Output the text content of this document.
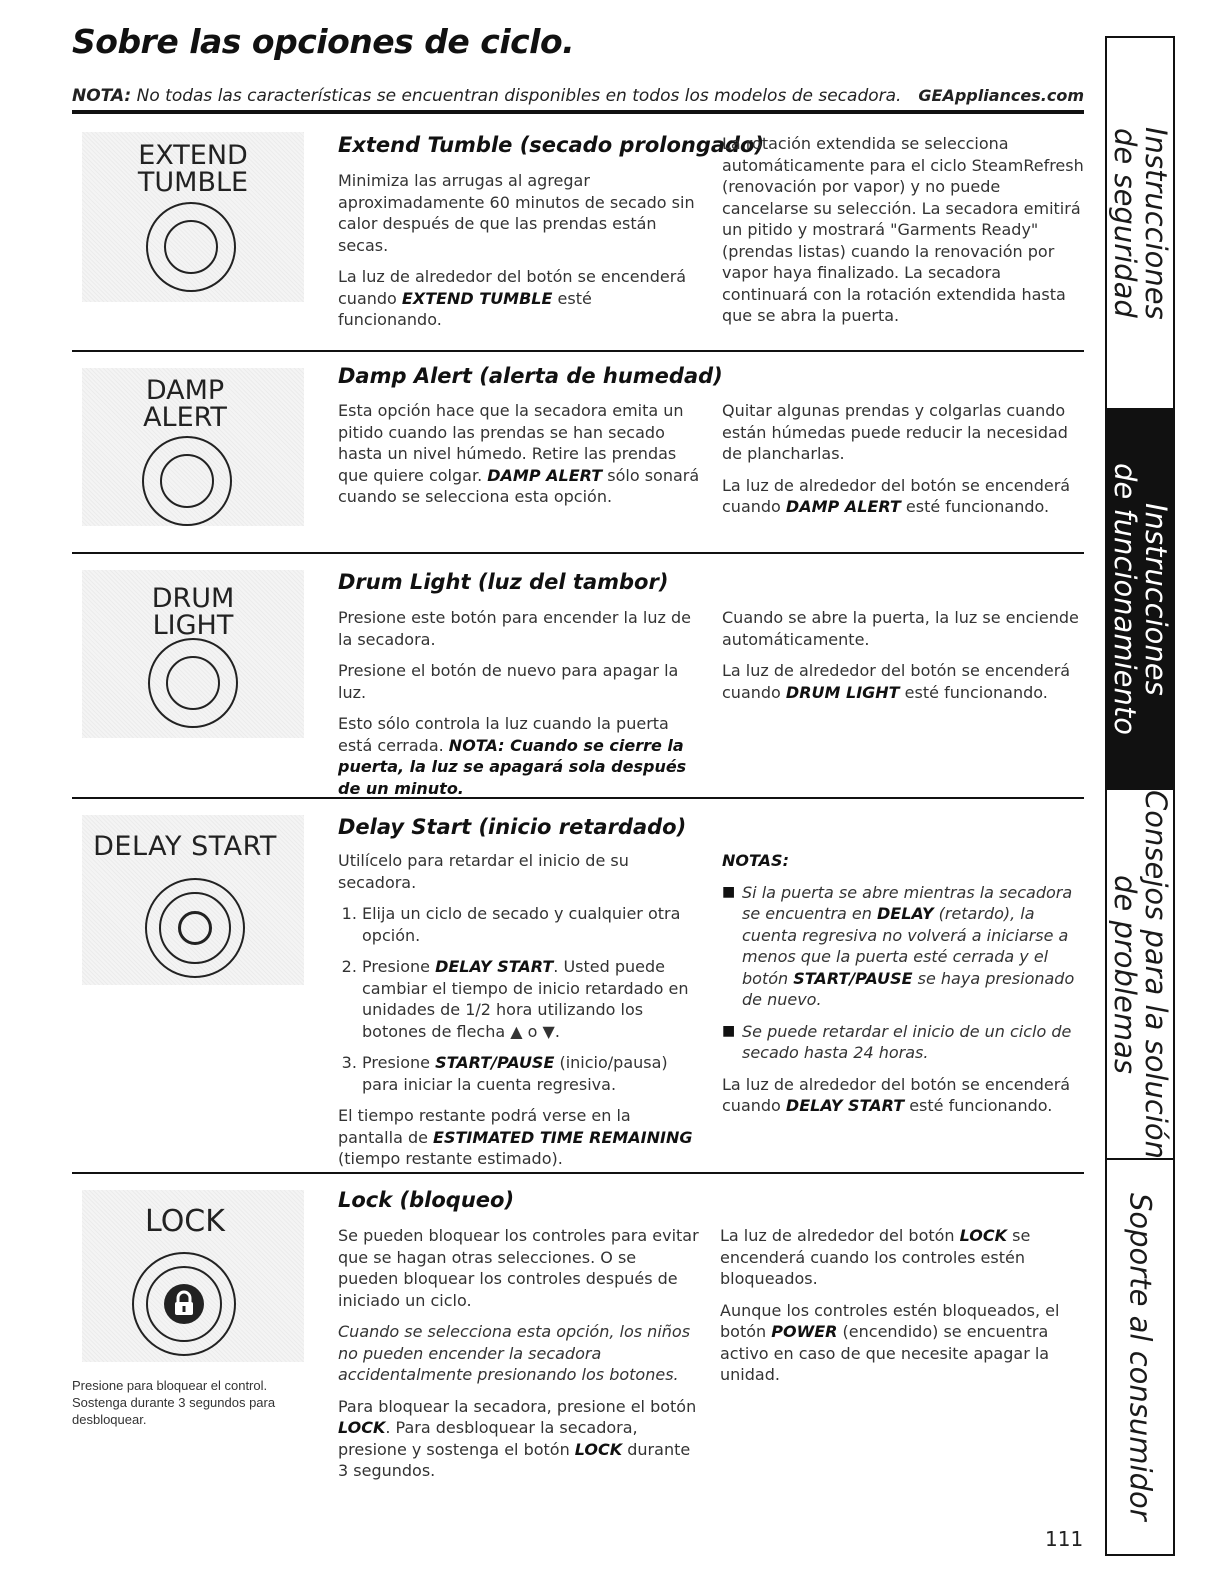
Sobre las opciones de ciclo.
NOTA: No todas las características se encuentran disponibles en todos los modelos de secadora. GEAppliances.com
EXTEND
TUMBLE
Extend Tumble (secado prolongado)

Minimiza las arrugas al agregar aproximadamente 60 minutos de secado sin calor después de que las prendas están secas.

La luz de alrededor del botón se encenderá cuando EXTEND TUMBLE esté funcionando.

La rotación extendida se selecciona automáticamente para el ciclo SteamRefresh (renovación por vapor) y no puede cancelarse su selección. La secadora emitirá un pitido y mostrará "Garments Ready" (prendas listas) cuando la renovación por vapor haya finalizado. La secadora continuará con la rotación extendida hasta que se abra la puerta.

DAMP
ALERT
Damp Alert (alerta de humedad)

Esta opción hace que la secadora emita un pitido cuando las prendas se han secado hasta un nivel húmedo. Retire las prendas que quiere colgar. DAMP ALERT sólo sonará cuando se selecciona esta opción.

Quitar algunas prendas y colgarlas cuando están húmedas puede reducir la necesidad de plancharlas.

La luz de alrededor del botón se encenderá cuando DAMP ALERT esté funcionando.

DRUM
LIGHT
Drum Light (luz del tambor)

Presione este botón para encender la luz de la secadora.

Presione el botón de nuevo para apagar la luz.

Esto sólo controla la luz cuando la puerta está cerrada. NOTA: Cuando se cierre la puerta, la luz se apagará sola después de un minuto.

Cuando se abre la puerta, la luz se enciende automáticamente.

La luz de alrededor del botón se encenderá cuando DRUM LIGHT esté funcionando.

DELAY START
Delay Start (inicio retardado)

Utilícelo para retardar el inicio de su secadora.

1. Elija un ciclo de secado y cualquier otra opción.
2. Presione DELAY START. Usted puede cambiar el tiempo de inicio retardado en unidades de 1/2 hora utilizando los botones de flecha ▲ o ▼.
3. Presione START/PAUSE (inicio/pausa) para iniciar la cuenta regresiva.

El tiempo restante podrá verse en la pantalla de ESTIMATED TIME REMAINING (tiempo restante estimado).

NOTAS:

■ Si la puerta se abre mientras la secadora se encuentra en DELAY (retardo), la cuenta regresiva no volverá a iniciarse a menos que la puerta esté cerrada y el botón START/PAUSE se haya presionado de nuevo.
■ Se puede retardar el inicio de un ciclo de secado hasta 24 horas.

La luz de alrededor del botón se encenderá cuando DELAY START esté funcionando.

LOCK
Presione para bloquear el control. Sostenga durante 3 segundos para desbloquear.
Lock (bloqueo)

Se pueden bloquear los controles para evitar que se hagan otras selecciones. O se pueden bloquear los controles después de iniciado un ciclo.

Cuando se selecciona esta opción, los niños no pueden encender la secadora accidentalmente presionando los botones.

Para bloquear la secadora, presione el botón LOCK. Para desbloquear la secadora, presione y sostenga el botón LOCK durante 3 segundos.

La luz de alrededor del botón LOCK se encenderá cuando los controles estén bloqueados.

Aunque los controles estén bloqueados, el botón POWER (encendido) se encuentra activo en caso de que necesite apagar la unidad.

111
Instrucciones
de seguridad
Instrucciones
de funcionamiento
Consejos para la solución
de problemas
Soporte al consumidor
